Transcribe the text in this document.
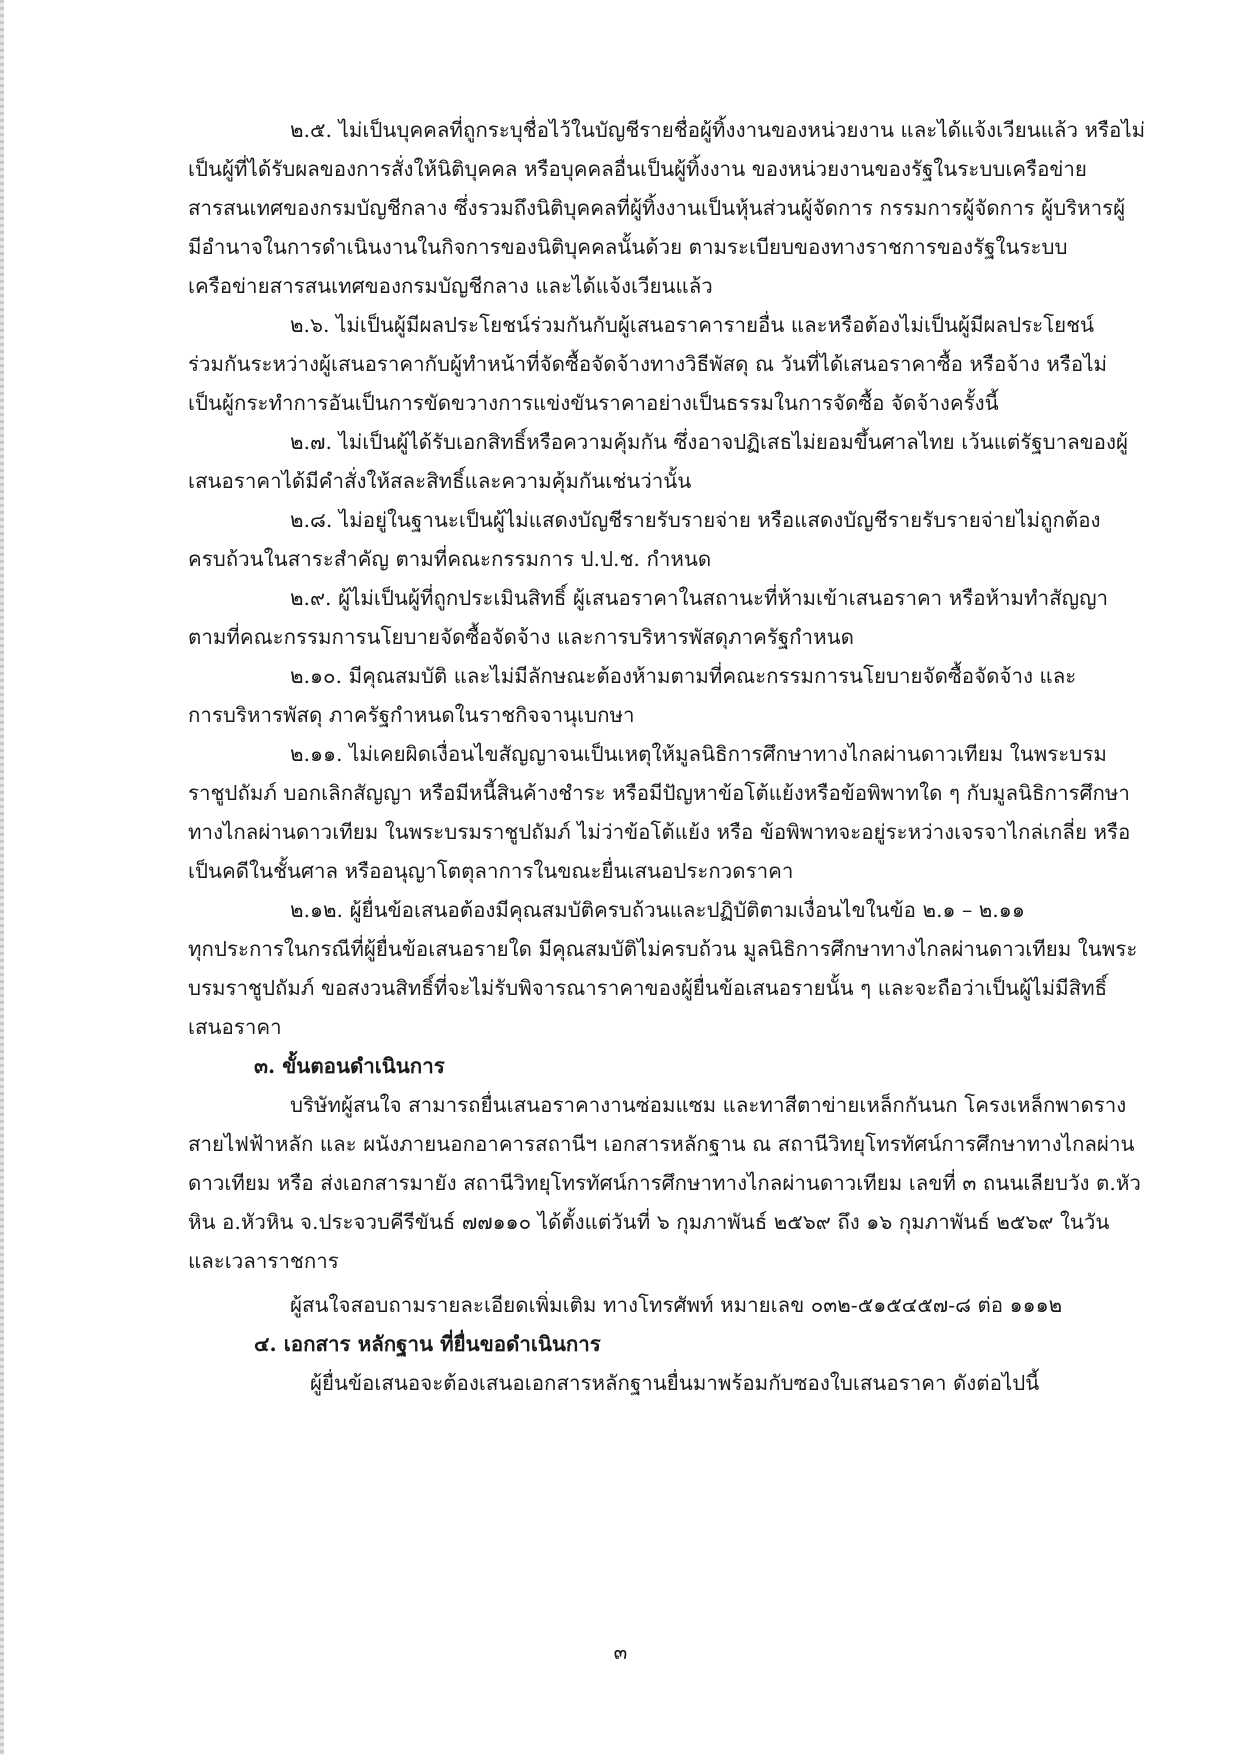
๒.๕. ไม่เป็นบุคคลที่ถูกระบุชื่อไว้ในบัญชีรายชื่อผู้ทิ้งงานของหน่วยงาน และได้แจ้งเวียนแล้ว หรือไม่
เป็นผู้ที่ได้รับผลของการสั่งให้นิติบุคคล หรือบุคคลอื่นเป็นผู้ทิ้งงาน ของหน่วยงานของรัฐในระบบเครือข่าย
สารสนเทศของกรมบัญชีกลาง ซึ่งรวมถึงนิติบุคคลที่ผู้ทิ้งงานเป็นหุ้นส่วนผู้จัดการ กรรมการผู้จัดการ ผู้บริหารผู้
มีอำนาจในการดำเนินงานในกิจการของนิติบุคคลนั้นด้วย ตามระเบียบของทางราชการของรัฐในระบบ
เครือข่ายสารสนเทศของกรมบัญชีกลาง และได้แจ้งเวียนแล้ว
๒.๖. ไม่เป็นผู้มีผลประโยชน์ร่วมกันกับผู้เสนอราคารายอื่น และหรือต้องไม่เป็นผู้มีผลประโยชน์
ร่วมกันระหว่างผู้เสนอราคากับผู้ทำหน้าที่จัดซื้อจัดจ้างทางวิธีพัสดุ ณ วันที่ได้เสนอราคาซื้อ หรือจ้าง หรือไม่
เป็นผู้กระทำการอันเป็นการขัดขวางการแข่งขันราคาอย่างเป็นธรรมในการจัดซื้อ จัดจ้างครั้งนี้
๒.๗. ไม่เป็นผู้ได้รับเอกสิทธิ์หรือความคุ้มกัน ซึ่งอาจปฏิเสธไม่ยอมขึ้นศาลไทย เว้นแต่รัฐบาลของผู้
เสนอราคาได้มีคำสั่งให้สละสิทธิ์และความคุ้มกันเช่นว่านั้น
๒.๘. ไม่อยู่ในฐานะเป็นผู้ไม่แสดงบัญชีรายรับรายจ่าย หรือแสดงบัญชีรายรับรายจ่ายไม่ถูกต้อง
ครบถ้วนในสาระสำคัญ ตามที่คณะกรรมการ ป.ป.ช. กำหนด
๒.๙. ผู้ไม่เป็นผู้ที่ถูกประเมินสิทธิ์ ผู้เสนอราคาในสถานะที่ห้ามเข้าเสนอราคา หรือห้ามทำสัญญา
ตามที่คณะกรรมการนโยบายจัดซื้อจัดจ้าง และการบริหารพัสดุภาครัฐกำหนด
๒.๑๐. มีคุณสมบัติ และไม่มีลักษณะต้องห้ามตามที่คณะกรรมการนโยบายจัดซื้อจัดจ้าง และ
การบริหารพัสดุ ภาครัฐกำหนดในราชกิจจานุเบกษา
๒.๑๑. ไม่เคยผิดเงื่อนไขสัญญาจนเป็นเหตุให้มูลนิธิการศึกษาทางไกลผ่านดาวเทียม ในพระบรม
ราชูปถัมภ์ บอกเลิกสัญญา หรือมีหนี้สินค้างชำระ หรือมีปัญหาข้อโต้แย้งหรือข้อพิพาทใด ๆ กับมูลนิธิการศึกษา
ทางไกลผ่านดาวเทียม ในพระบรมราชูปถัมภ์ ไม่ว่าข้อโต้แย้ง หรือ ข้อพิพาทจะอยู่ระหว่างเจรจาไกล่เกลี่ย หรือ
เป็นคดีในชั้นศาล หรืออนุญาโตตุลาการในขณะยื่นเสนอประกวดราคา
๒.๑๒. ผู้ยื่นข้อเสนอต้องมีคุณสมบัติครบถ้วนและปฏิบัติตามเงื่อนไขในข้อ ๒.๑ – ๒.๑๑
ทุกประการในกรณีที่ผู้ยื่นข้อเสนอรายใด มีคุณสมบัติไม่ครบถ้วน มูลนิธิการศึกษาทางไกลผ่านดาวเทียม ในพระ
บรมราชูปถัมภ์ ขอสงวนสิทธิ์ที่จะไม่รับพิจารณาราคาของผู้ยื่นข้อเสนอรายนั้น ๆ และจะถือว่าเป็นผู้ไม่มีสิทธิ์
เสนอราคา
๓. ขั้นตอนดำเนินการ
บริษัทผู้สนใจ สามารถยื่นเสนอราคางานซ่อมแซม และทาสีตาข่ายเหล็กกันนก โครงเหล็กพาดราง
สายไฟฟ้าหลัก และ ผนังภายนอกอาคารสถานีฯ เอกสารหลักฐาน ณ สถานีวิทยุโทรทัศน์การศึกษาทางไกลผ่าน
ดาวเทียม หรือ ส่งเอกสารมายัง สถานีวิทยุโทรทัศน์การศึกษาทางไกลผ่านดาวเทียม เลขที่ ๓ ถนนเลียบวัง ต.หัว
หิน อ.หัวหิน จ.ประจวบคีรีขันธ์ ๗๗๑๑๐ ได้ตั้งแต่วันที่ ๖ กุมภาพันธ์ ๒๕๖๙ ถึง ๑๖ กุมภาพันธ์ ๒๕๖๙ ในวัน
และเวลาราชการ
ผู้สนใจสอบถามรายละเอียดเพิ่มเติม ทางโทรศัพท์ หมายเลข ๐๓๒-๕๑๕๔๕๗-๘ ต่อ ๑๑๑๒
๔. เอกสาร หลักฐาน ที่ยื่นขอดำเนินการ
ผู้ยื่นข้อเสนอจะต้องเสนอเอกสารหลักฐานยื่นมาพร้อมกับซองใบเสนอราคา ดังต่อไปนี้
๓
